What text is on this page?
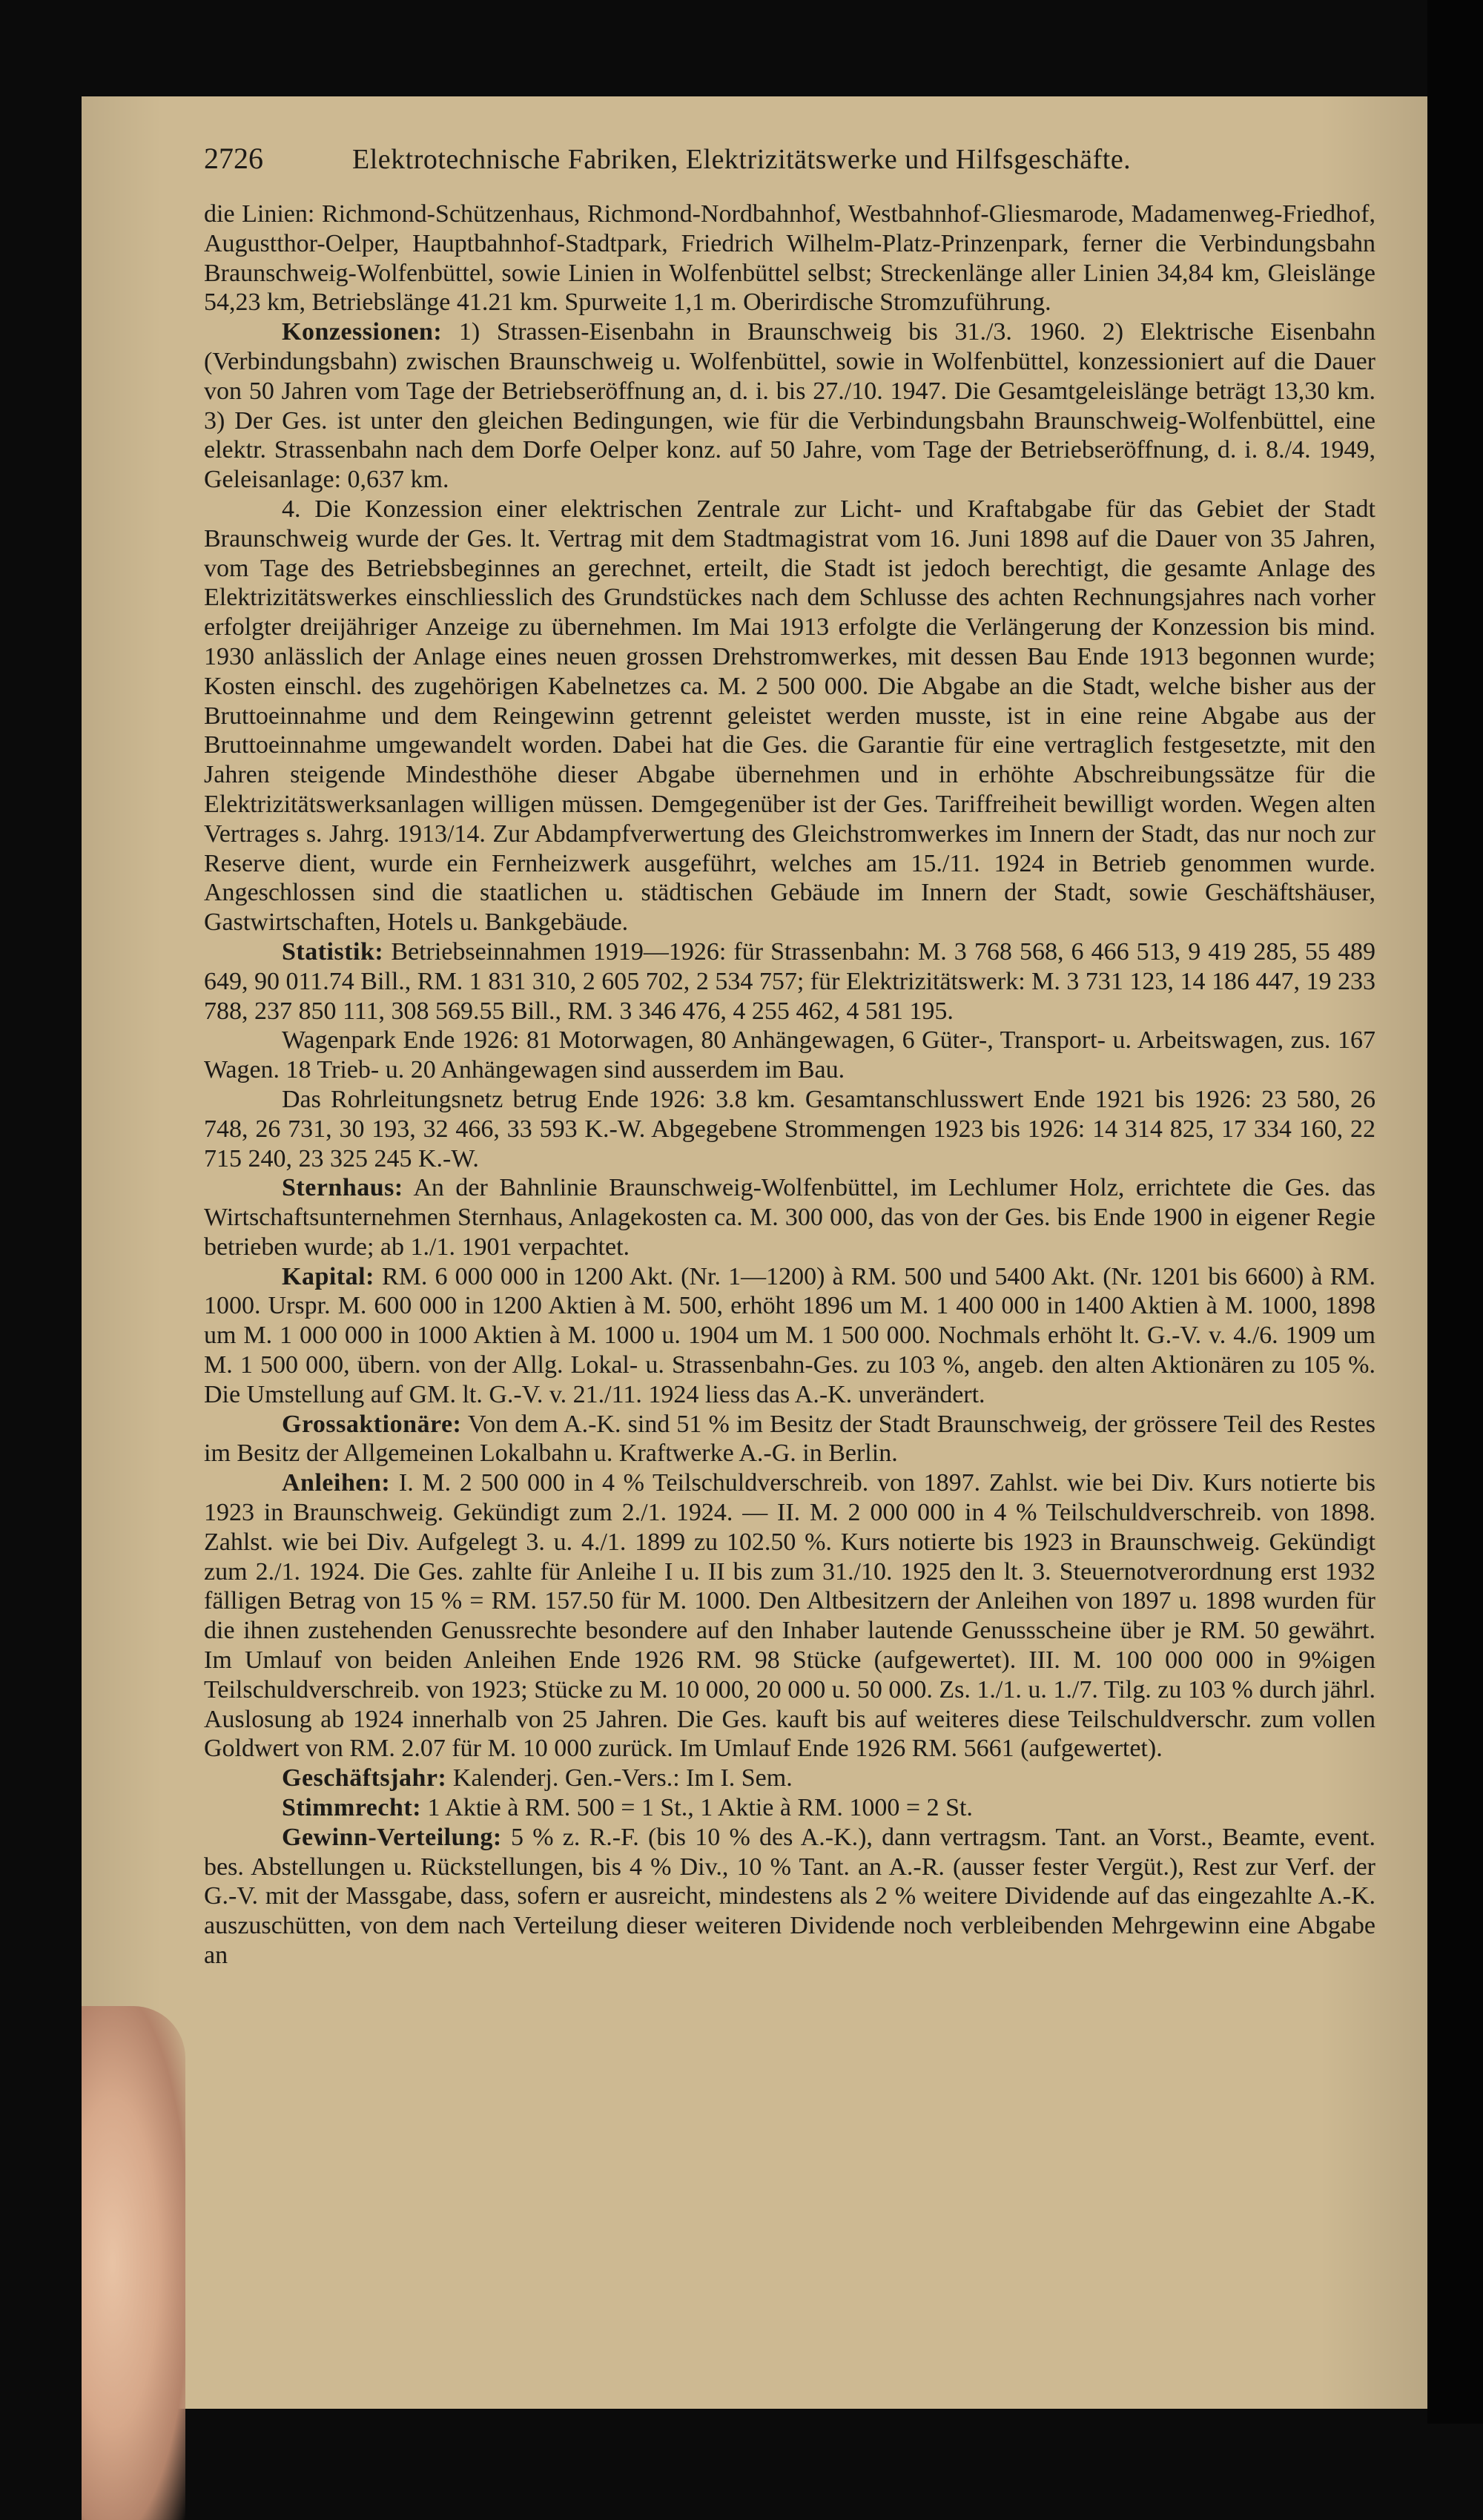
2726	Elektrotechnische Fabriken, Elektrizitätswerke und Hilfsgeschäfte.

die Linien: Richmond-Schützenhaus, Richmond-Nordbahnhof, Westbahnhof-Gliesmarode, Madamenweg-Friedhof, Augustthor-Oelper, Hauptbahnhof-Stadtpark, Friedrich Wilhelm-Platz-Prinzenpark, ferner die Verbindungsbahn Braunschweig-Wolfenbüttel, sowie Linien in Wolfenbüttel selbst; Streckenlänge aller Linien 34,84 km, Gleislänge 54,23 km, Betriebslänge 41.21 km. Spurweite 1,1 m. Oberirdische Stromzuführung.

Konzessionen: 1) Strassen-Eisenbahn in Braunschweig bis 31./3. 1960. 2) Elektrische Eisenbahn (Verbindungsbahn) zwischen Braunschweig u. Wolfenbüttel, sowie in Wolfenbüttel, konzessioniert auf die Dauer von 50 Jahren vom Tage der Betriebseröffnung an, d. i. bis 27./10. 1947. Die Gesamtgeleislänge beträgt 13,30 km. 3) Der Ges. ist unter den gleichen Bedingungen, wie für die Verbindungsbahn Braunschweig-Wolfenbüttel, eine elektr. Strassenbahn nach dem Dorfe Oelper konz. auf 50 Jahre, vom Tage der Betriebseröffnung, d. i. 8./4. 1949, Geleisanlage: 0,637 km.

4. Die Konzession einer elektrischen Zentrale zur Licht- und Kraftabgabe für das Gebiet der Stadt Braunschweig wurde der Ges. lt. Vertrag mit dem Stadtmagistrat vom 16. Juni 1898 auf die Dauer von 35 Jahren, vom Tage des Betriebsbeginnes an gerechnet, erteilt, die Stadt ist jedoch berechtigt, die gesamte Anlage des Elektrizitätswerkes einschliesslich des Grundstückes nach dem Schlusse des achten Rechnungsjahres nach vorher erfolgter dreijähriger Anzeige zu übernehmen. Im Mai 1913 erfolgte die Verlängerung der Konzession bis mind. 1930 anlässlich der Anlage eines neuen grossen Drehstromwerkes, mit dessen Bau Ende 1913 begonnen wurde; Kosten einschl. des zugehörigen Kabelnetzes ca. M. 2 500 000. Die Abgabe an die Stadt, welche bisher aus der Bruttoeinnahme und dem Reingewinn getrennt geleistet werden musste, ist in eine reine Abgabe aus der Bruttoeinnahme umgewandelt worden. Dabei hat die Ges. die Garantie für eine vertraglich festgesetzte, mit den Jahren steigende Mindesthöhe dieser Abgabe übernehmen und in erhöhte Abschreibungssätze für die Elektrizitätswerksanlagen willigen müssen. Demgegenüber ist der Ges. Tariffreiheit bewilligt worden. Wegen alten Vertrages s. Jahrg. 1913/14. Zur Abdampfverwertung des Gleichstromwerkes im Innern der Stadt, das nur noch zur Reserve dient, wurde ein Fernheizwerk ausgeführt, welches am 15./11. 1924 in Betrieb genommen wurde. Angeschlossen sind die staatlichen u. städtischen Gebäude im Innern der Stadt, sowie Geschäftshäuser, Gastwirtschaften, Hotels u. Bankgebäude.

Statistik: Betriebseinnahmen 1919—1926: für Strassenbahn: M. 3 768 568, 6 466 513, 9 419 285, 55 489 649, 90 011.74 Bill., RM. 1 831 310, 2 605 702, 2 534 757; für Elektrizitätswerk: M. 3 731 123, 14 186 447, 19 233 788, 237 850 111, 308 569.55 Bill., RM. 3 346 476, 4 255 462, 4 581 195.

Wagenpark Ende 1926: 81 Motorwagen, 80 Anhängewagen, 6 Güter-, Transport- u. Arbeitswagen, zus. 167 Wagen. 18 Trieb- u. 20 Anhängewagen sind ausserdem im Bau.

Das Rohrleitungsnetz betrug Ende 1926: 3.8 km. Gesamtanschlusswert Ende 1921 bis 1926: 23 580, 26 748, 26 731, 30 193, 32 466, 33 593 K.-W. Abgegebene Strommengen 1923 bis 1926: 14 314 825, 17 334 160, 22 715 240, 23 325 245 K.-W.

Sternhaus: An der Bahnlinie Braunschweig-Wolfenbüttel, im Lechlumer Holz, errichtete die Ges. das Wirtschaftsunternehmen Sternhaus, Anlagekosten ca. M. 300 000, das von der Ges. bis Ende 1900 in eigener Regie betrieben wurde; ab 1./1. 1901 verpachtet.

Kapital: RM. 6 000 000 in 1200 Akt. (Nr. 1—1200) à RM. 500 und 5400 Akt. (Nr. 1201 bis 6600) à RM. 1000. Urspr. M. 600 000 in 1200 Aktien à M. 500, erhöht 1896 um M. 1 400 000 in 1400 Aktien à M. 1000, 1898 um M. 1 000 000 in 1000 Aktien à M. 1000 u. 1904 um M. 1 500 000. Nochmals erhöht lt. G.-V. v. 4./6. 1909 um M. 1 500 000, übern. von der Allg. Lokal- u. Strassenbahn-Ges. zu 103 %, angeb. den alten Aktionären zu 105 %. Die Umstellung auf GM. lt. G.-V. v. 21./11. 1924 liess das A.-K. unverändert.

Grossaktionäre: Von dem A.-K. sind 51 % im Besitz der Stadt Braunschweig, der grössere Teil des Restes im Besitz der Allgemeinen Lokalbahn u. Kraftwerke A.-G. in Berlin.

Anleihen: I. M. 2 500 000 in 4 % Teilschuldverschreib. von 1897. Zahlst. wie bei Div. Kurs notierte bis 1923 in Braunschweig. Gekündigt zum 2./1. 1924. — II. M. 2 000 000 in 4 % Teilschuldverschreib. von 1898. Zahlst. wie bei Div. Aufgelegt 3. u. 4./1. 1899 zu 102.50 %. Kurs notierte bis 1923 in Braunschweig. Gekündigt zum 2./1. 1924. Die Ges. zahlte für Anleihe I u. II bis zum 31./10. 1925 den lt. 3. Steuernotverordnung erst 1932 fälligen Betrag von 15 % = RM. 157.50 für M. 1000. Den Altbesitzern der Anleihen von 1897 u. 1898 wurden für die ihnen zustehenden Genussrechte besondere auf den Inhaber lautende Genussscheine über je RM. 50 gewährt. Im Umlauf von beiden Anleihen Ende 1926 RM. 98 Stücke (aufgewertet). III. M. 100 000 000 in 9%igen Teilschuldverschreib. von 1923; Stücke zu M. 10 000, 20 000 u. 50 000. Zs. 1./1. u. 1./7. Tilg. zu 103 % durch jährl. Auslosung ab 1924 innerhalb von 25 Jahren. Die Ges. kauft bis auf weiteres diese Teilschuldverschr. zum vollen Goldwert von RM. 2.07 für M. 10 000 zurück. Im Umlauf Ende 1926 RM. 5661 (aufgewertet).

Geschäftsjahr: Kalenderj. Gen.-Vers.: Im I. Sem.

Stimmrecht: 1 Aktie à RM. 500 = 1 St., 1 Aktie à RM. 1000 = 2 St.

Gewinn-Verteilung: 5 % z. R.-F. (bis 10 % des A.-K.), dann vertragsm. Tant. an Vorst., Beamte, event. bes. Abstellungen u. Rückstellungen, bis 4 % Div., 10 % Tant. an A.-R. (ausser fester Vergüt.), Rest zur Verf. der G.-V. mit der Massgabe, dass, sofern er ausreicht, mindestens als 2 % weitere Dividende auf das eingezahlte A.-K. auszuschütten, von dem nach Verteilung dieser weiteren Dividende noch verbleibenden Mehrgewinn eine Abgabe an
